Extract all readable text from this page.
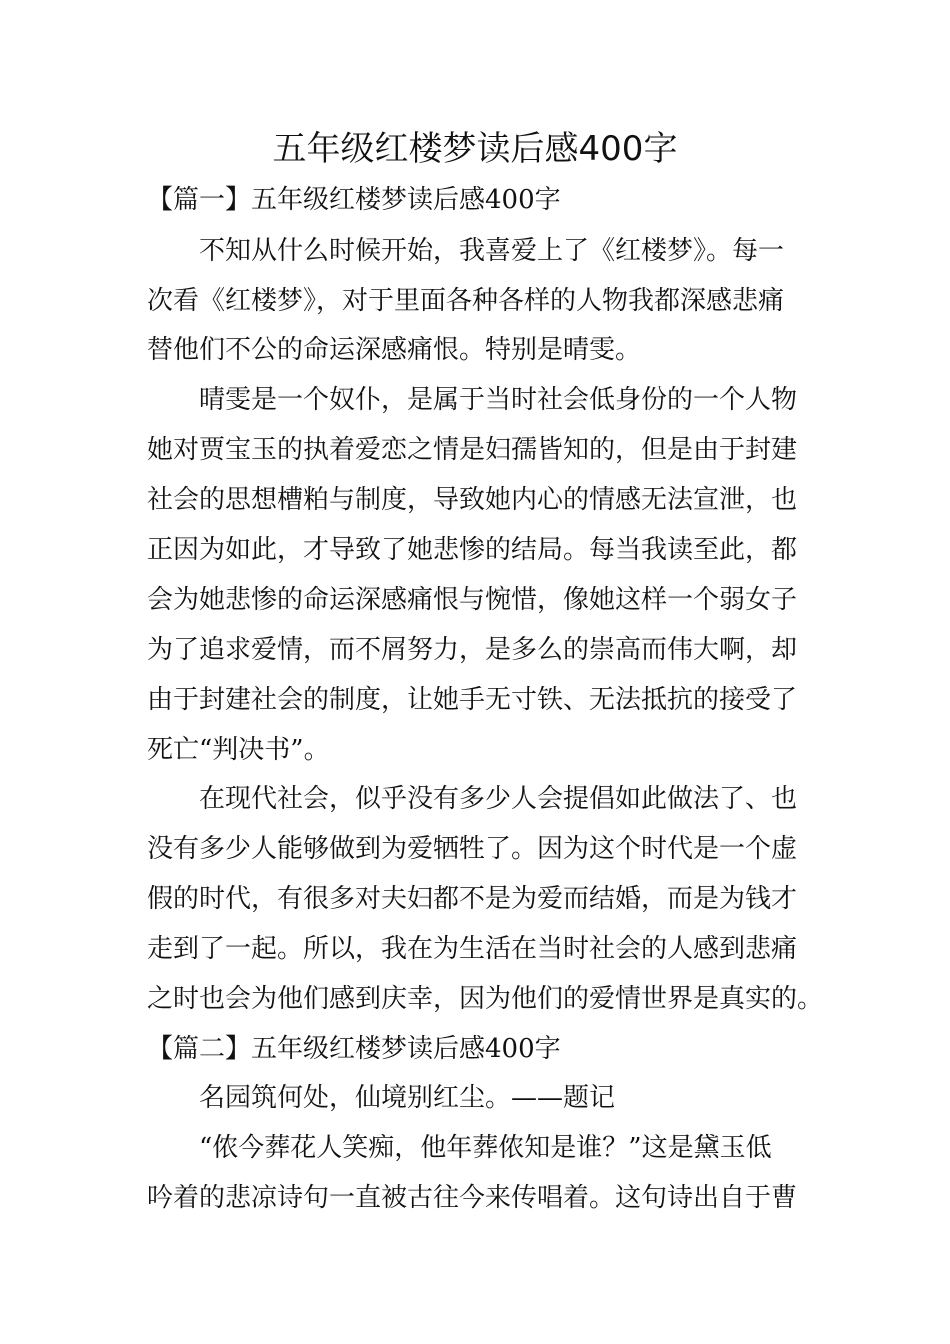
五年级红楼梦读后感400字
【篇一】五年级红楼梦读后感400字
不知从什么时候开始，我喜爱上了《红楼梦》。每一
次看《红楼梦》，对于里面各种各样的人物我都深感悲痛
替他们不公的命运深感痛恨。特别是晴雯。
晴雯是一个奴仆，是属于当时社会低身份的一个人物
她对贾宝玉的执着爱恋之情是妇孺皆知的，但是由于封建
社会的思想槽粕与制度，导致她内心的情感无法宣泄，也
正因为如此，才导致了她悲惨的结局。每当我读至此，都
会为她悲惨的命运深感痛恨与惋惜，像她这样一个弱女子
为了追求爱情，而不屑努力，是多么的崇高而伟大啊，却
由于封建社会的制度，让她手无寸铁、无法抵抗的接受了
死亡“判决书”。
在现代社会，似乎没有多少人会提倡如此做法了、也
没有多少人能够做到为爱牺牲了。因为这个时代是一个虚
假的时代，有很多对夫妇都不是为爱而结婚，而是为钱才
走到了一起。所以，我在为生活在当时社会的人感到悲痛
之时也会为他们感到庆幸，因为他们的爱情世界是真实的。
【篇二】五年级红楼梦读后感400字
名园筑何处，仙境别红尘。——题记
“侬今葬花人笑痴，他年葬侬知是谁？”这是黛玉低
吟着的悲凉诗句一直被古往今来传唱着。这句诗出自于曹
